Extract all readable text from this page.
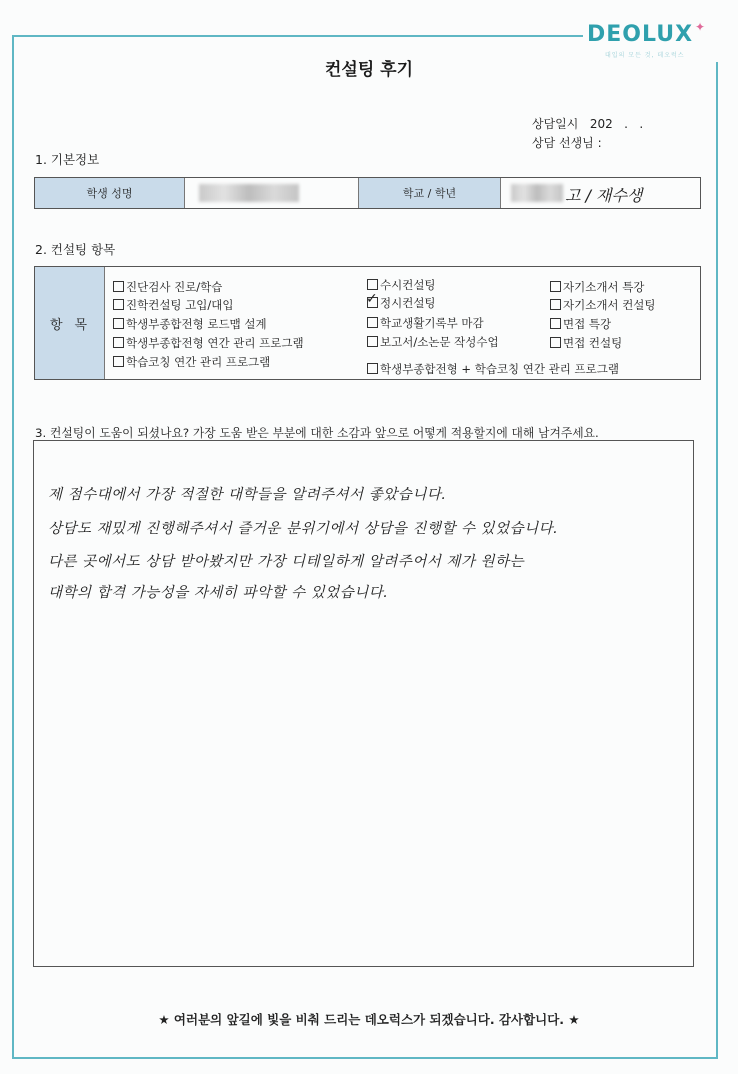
DEOLUX ✦
대입의 모든 것, 데오럭스
컨설팅 후기
상담일시 202   .   .
상담 선생님 :
1. 기본정보
학생 성명	학교 / 학년	고 / 재수생
2. 컨설팅 항목
항목
진단검사 진로/학습
진학컨설팅 고입/대입
학생부종합전형 로드맵 설계
학생부종합전형 연간 관리 프로그램
학습코칭 연간 관리 프로그램
수시컨설팅
✓ 정시컨설팅
학교생활기록부 마감
보고서/소논문 작성수업
학생부종합전형 + 학습코칭 연간 관리 프로그램
자기소개서 특강
자기소개서 컨설팅
면접 특강
면접 컨설팅
3. 컨설팅이 도움이 되셨나요? 가장 도움 받은 부분에 대한 소감과 앞으로 어떻게 적용할지에 대해 남겨주세요.
제 점수대에서 가장 적절한 대학들을 알려주셔서 좋았습니다.
상담도 재밌게 진행해주셔서 즐거운 분위기에서 상담을 진행할 수 있었습니다.
다른 곳에서도 상담 받아봤지만 가장 디테일하게 알려주어서 제가 원하는
대학의 합격 가능성을 자세히 파악할 수 있었습니다.
★ 여러분의 앞길에 빛을 비춰 드리는 데오럭스가 되겠습니다. 감사합니다. ★
